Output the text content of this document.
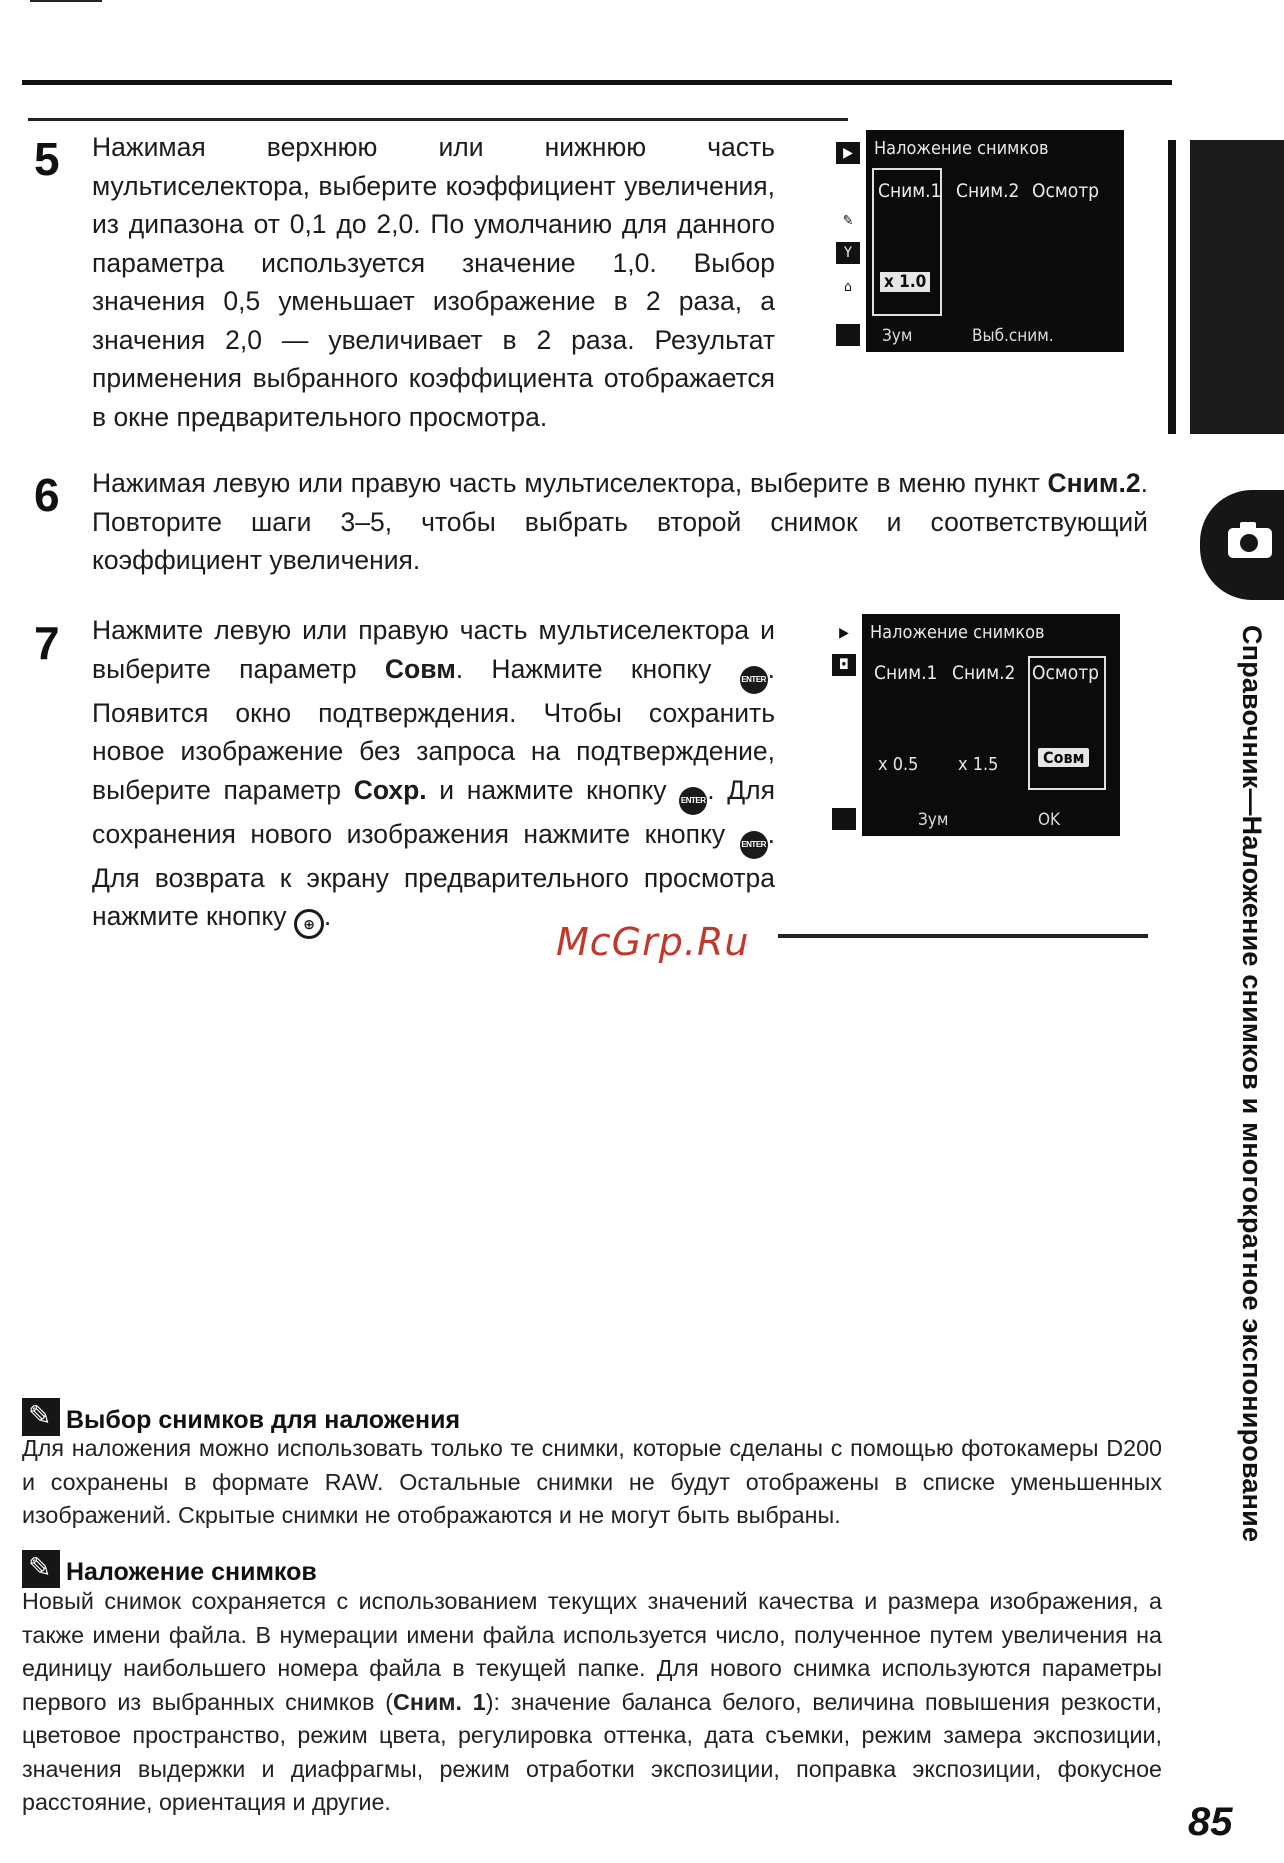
5 Нажимая верхнюю или нижнюю часть мультиселектора, выберите коэффициент увеличения, из дипазона от 0,1 до 2,0. По умолчанию для данного параметра используется значение 1,0. Выбор значения 0,5 уменьшает изображение в 2 раза, а значения 2,0 — увеличивает в 2 раза. Результат применения выбранного коэффициента отображается в окне предварительного просмотра.
▶
✎
Y
⌂
Наложение снимков
Сним.1 Сним.2 Осмотр
x 1.0
Зум	Выб.сним.
Справочник—Наложение снимков и многократное экспонирование
6 Нажимая левую или правую часть мультиселектора, выберите в меню пункт Сним.2. Повторите шаги 3–5, чтобы выбрать второй снимок и соответствующий коэффициент увеличения.
7 Нажмите левую или правую часть мультиселектора и выберите параметр Совм. Нажмите кнопку ENTER. Появится окно подтверждения. Чтобы сохранить новое изображение без запроса на подтверждение, выберите параметр Сохр. и нажмите кнопку ENTER. Для сохранения нового изображения нажмите кнопку ENTER. Для возврата к экрану предварительного просмотра нажмите кнопку ⊕ .
▶
◘
Наложение снимков
Сним.1 Сним.2 Осмотр
x 0.5 x 1.5	Совм
Зум	OK
McGrp.Ru
✎Выбор снимков для наложения
Для наложения можно использовать только те снимки, которые сделаны с помощью фотокамеры D200 и сохранены в формате RAW. Остальные снимки не будут отображены в списке уменьшенных изображений. Скрытые снимки не отображаются и не могут быть выбраны.
✎Наложение снимков
Новый снимок сохраняется с использованием текущих значений качества и размера изображения, а также имени файла. В нумерации имени файла используется число, полученное путем увеличения на единицу наибольшего номера файла в текущей папке. Для нового снимка используются параметры первого из выбранных снимков (Сним. 1): значение баланса белого, величина повышения резкости, цветовое пространство, режим цвета, регулировка оттенка, дата съемки, режим замера экспозиции, значения выдержки и диафрагмы, режим отработки экспозиции, поправка экспозиции, фокусное расстояние, ориентация и другие.	85
